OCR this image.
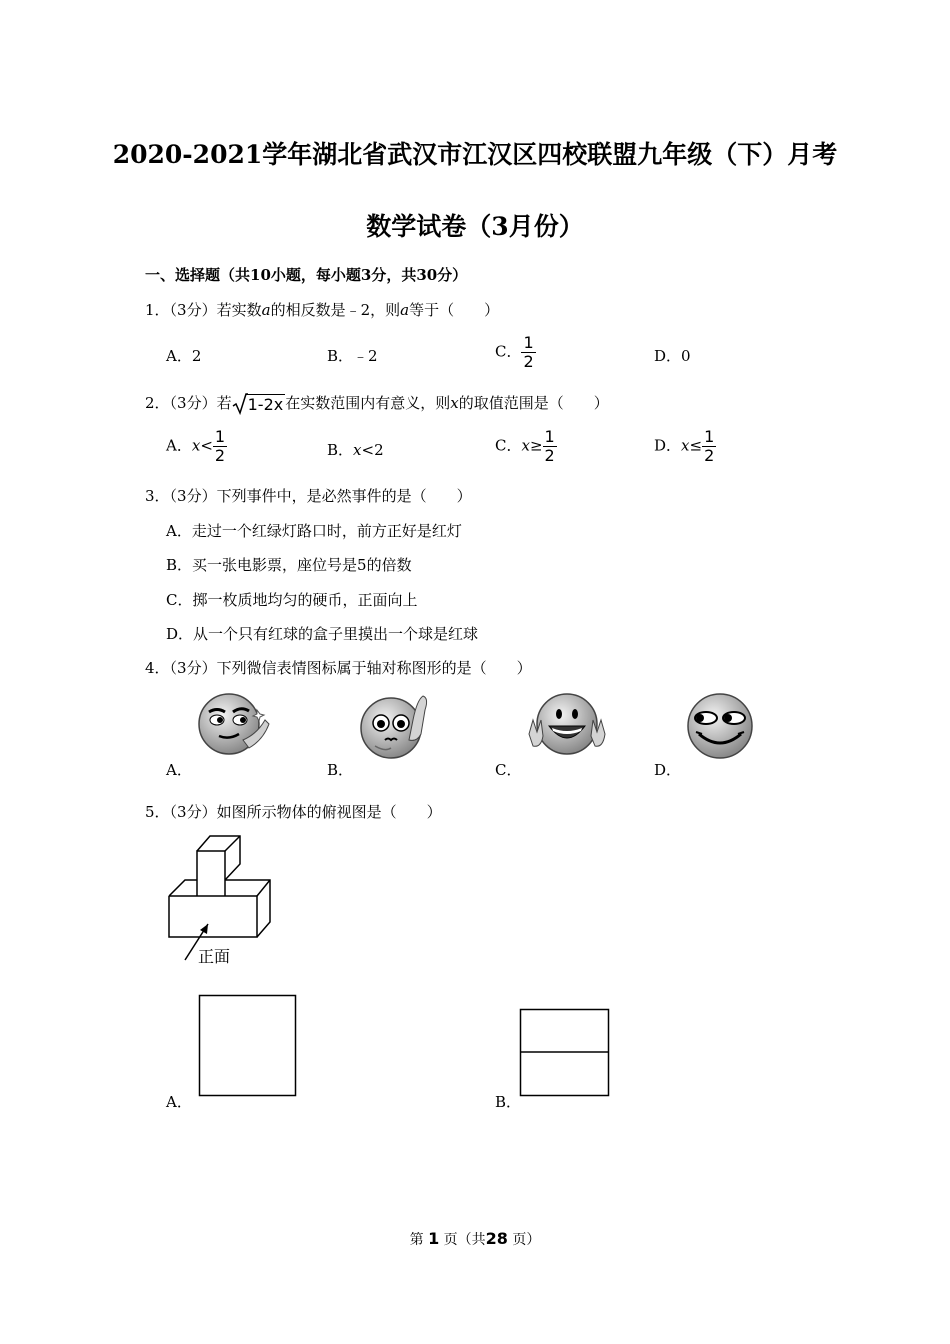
2020-2021学年湖北省武汉市江汉区四校联盟九年级（下）月考
数学试卷（3月份）
一、选择题（共10小题，每小题3分，共30分）
1．（3分）若实数a的相反数是﹣2，则a等于（　　）
A．2	B．﹣2	C． $\frac{1}{2}$	D．0
2．（3分）若 1-2x 在实数范围内有意义，则x的取值范围是（　　）
A．$x< \frac{1}{2}$	B．x<2	C．$x\ge \frac{1}{2}$	D．$x\le \frac{1}{2}$
3．（3分）下列事件中，是必然事件的是（　　）
A．走过一个红绿灯路口时，前方正好是红灯
B．买一张电影票，座位号是5的倍数
C．掷一枚质地均匀的硬币，正面向上
D．从一个只有红球的盒子里摸出一个球是红球
4．（3分）下列微信表情图标属于轴对称图形的是（　　）
A．	B．	C．	D．
5．（3分）如图所示物体的俯视图是（　　）
正面
A．	B．
第 1 页（共28 页）
